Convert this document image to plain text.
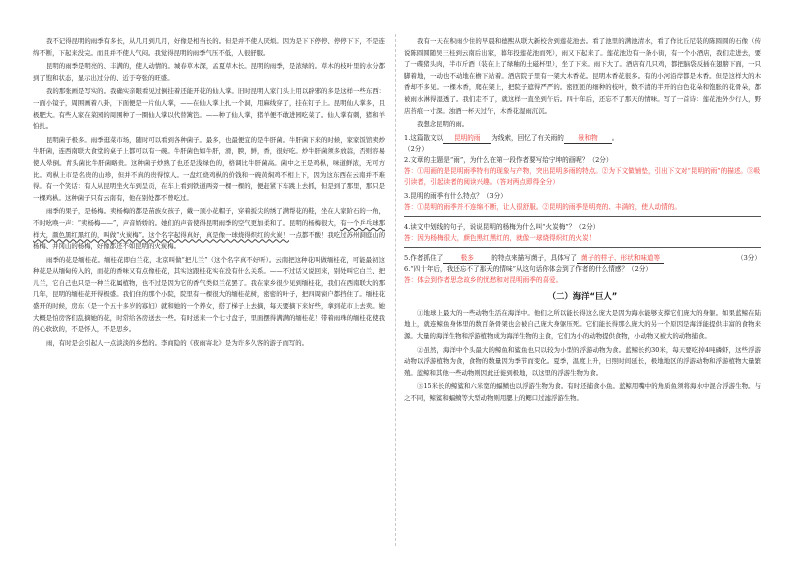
我不记得昆明的雨季有多长，从几月到几月，好像是相当长的。但是并不使人厌烦。因为是下下停停、停停下下，不是连绵不断，下起来没完。而且并不使人气闷。我觉得昆明的雨季气压不低，人很舒服。

昆明的雨季是明亮的、丰满的，使人动情的。城春草木深，孟夏草木长。昆明的雨季，是浓绿的。草木的枝叶里的水分都到了饱和状态，显示出过分的、近于夸张的旺盛。

我的那张画是写实的。我确实亲眼看见过倒挂着还能开花的仙人掌。旧时昆明人家门头上用以辟邪的多是这样一些东西：一面小镜子，周围画着八卦，下面便是一片仙人掌，——在仙人掌上扎一个洞，用麻线穿了，挂在钉子上。昆明仙人掌多，且极肥大。有些人家在菜园的周围种了一圈仙人掌以代替篱笆。——种了仙人掌，猪羊便不敢进园吃菜了。仙人掌有刺，猪和羊怕扎。

昆明菌子极多。雨季逛菜市场，随时可以看到各种菌子。最多，也最便宜的是牛肝菌。牛肝菌下来的时候，家家饭馆卖炒牛肝菌，连西南联大食堂的桌子上都可以有一碗。牛肝菌色如牛肝，滑，腴，鲜，香，很好吃。炒牛肝菌须多放蒜，否则容易使人晕倒。青头菌比牛肝菌略贵。这种菌子炒熟了也还是浅绿色的，格调比牛肝菌高。菌中之王是鸡枞，味道鲜浓，无可方比。鸡枞上市是名贵的山珍，但并不真的贵得惊人。一盘红烧鸡枞的价钱和一碗黄焖鸡不相上下，因为这东西在云南并不难得。有一个笑话：有人从昆明坐火车到呈贡，在车上看到铁道两旁一棵一棵的，便赶紧下车跳上去抓，但是到了那里，那只是一棵鸡枞。这种菌子只有云南有，他在别处都不曾吃过。

雨季的果子，是杨梅。卖杨梅的都是苗族女孩子，戴一顶小花帽子，穿着扳尖的绣了满帮花的鞋，坐在人家阶石的一角，不时吆唤一声：“卖杨梅——”，声音娇娇的。她们的声音使得昆明雨季的空气更加柔和了。昆明的杨梅很大，有一个乒乓球那样大，颜色黑红黑红的，叫做“火炭梅”。这个名字起得真好，真是像一球烧得炽红的火炭！一点都不酸！我吃过苏州洞庭山的杨梅、井冈山的杨梅，好像都还不如昆明的火炭梅。

雨季的花是缅桂花。缅桂花即白兰花，北京叫做“把儿兰”（这个名字真不好听）。云南把这种花叫做缅桂花，可能最初这种花是从缅甸传入的，而花的香味又有点像桂花，其实这跟桂花实在没有什么关系。——不过话又说回来，别处叫它白兰、把儿兰，它自己也只是一种兰花属植物，也不过是因为它的香气类似兰花罢了。我在家乡很少见到缅桂花，我们在西南联大的那几年，昆明的缅桂花开得极盛。我们住的那个小院，院里有一棵很大的缅桂花树，密密的叶子，把四周窗户都挡住了。缅桂花盛开的时候，房东（是一个五十多岁的寡妇）就和她的一个养女，搭了梯子上去摘，每天要摘下来好些，拿到花市上去卖。她大概是怕房客们乱摘她的花，时常给各房送去一些。有时送来一个七寸盘子，里面摆得满满的缅桂花！带着雨珠的缅桂花使我的心软软的，不是怀人，不是思乡。

雨，有时是会引起人一点淡淡的乡愁的。李商隐的《夜雨寄北》是为许多久客的游子而写的。

我有一天在积雨少住的早晨和德熙从联大新校舍到莲花池去。看了池里的满池清水，看了作比丘尼装的陈圆圆的石像（传说陈圆圆随吴三桂到云南后出家，暮年投莲花池而死），雨又下起来了。莲花池边有一条小街，有一个小酒店，我们走进去，要了一碟猪头肉，半市斤酒（装在上了绿釉的土磁杯里），坐了下来。雨下大了。酒店有几只鸡，都把脑袋反插在翅膀下面，一只脚着地，一动也不动地在檐下站着。酒店院子里有一架大木香花。昆明木香花很多。有的小河沿岸都是木香。但是这样大的木香却不多见。一棵木香，爬在架上，把院子遮得严严的。密匝匝的细种的枝叶，数不清的半开的白色花朵和饱胀的花骨朵，都被雨水淋得湿透了。我们走不了，就这样一直坐到午后。四十年后，还忘不了那天的情味。写了一首诗：莲花池外少行人，野店苔痕一寸深。浊酒一杯天过午，木香花湿雨沉沉。

我想念昆明的雨。

1.这篇散文以 昆明的雨 为线索，回忆了有关雨的 景和物 。
（2分）

2.文章的主题是“雨”，为什么在第一段作者要写给宁坤的画呢？（2分）

答：①用画的是昆明雨季特有的现象与产物，突出昆明多雨的特点。②为下文做铺垫，引出下文对“昆明的雨”的描述。③吸引读者，引起读者的阅读兴趣。（答对两点即得全分）

3.昆明的雨季有什么特点？（3分）

答：①昆明的雨季并不连绵不断，让人很舒服。②昆明的雨季是明亮的、丰满的，使人动情的。

4.读文中划线的句子，说说昆明的杨梅为什么叫“火炭梅”？（2分）

答：因为杨梅很大，颜色黑红黑红的，就像一球烧得炽红的火炭！

5.作者抓住了	极多	的特点来描写菌子，具体写了 菌子的样子、形状和味道等	（3分）

6.“四十年后，我还忘不了那天的情味”从这句话你体会到了作者的什么情感？（2分）

答：体会到作者思念故乡的忧愁和对昆明雨季的喜爱。

（二）海洋“巨人”

①地球上最大的一些动物生活在海洋中。他们之所以能长得这么庞大是因为海水能够支撑它们庞大的身躯。如果蓝鲸在陆地上，就连鲸鱼身体里的数百条骨架也会被自己庞大身躯压死。它们能长得那么庞大的另一个原因是海洋能提供丰富的食物来源。大量的海洋生物和浮游植物成为海洋生物的主食，它们为小的动物提供食物，小动物又被大的动物捕食。

②虽然，海洋中个头最大的鲸鱼和鲨鱼也只以较为小型的浮游动物为食。蓝鲸长约30米，每天要吃掉4吨磷虾，这些浮游动物以浮游植物为食，食物的数量因为季节而变化。夏季，温度上升，日照时间延长，极地地区的浮游动物和浮游植物大量繁殖。蓝鲸和其他一些动物则因此迁徙到极地，以这里的浮游生物为食。

③15米长的鲸鲨和六米宽的蝠鲼也以浮游生物为食。有时还捕食小鱼。蓝鲸用嘴中的角质鱼须将海水中混合浮游生物。与之不同，鲸鲨和蝠鲼等大型动物则用腮上的鳃口过滤浮游生物。
